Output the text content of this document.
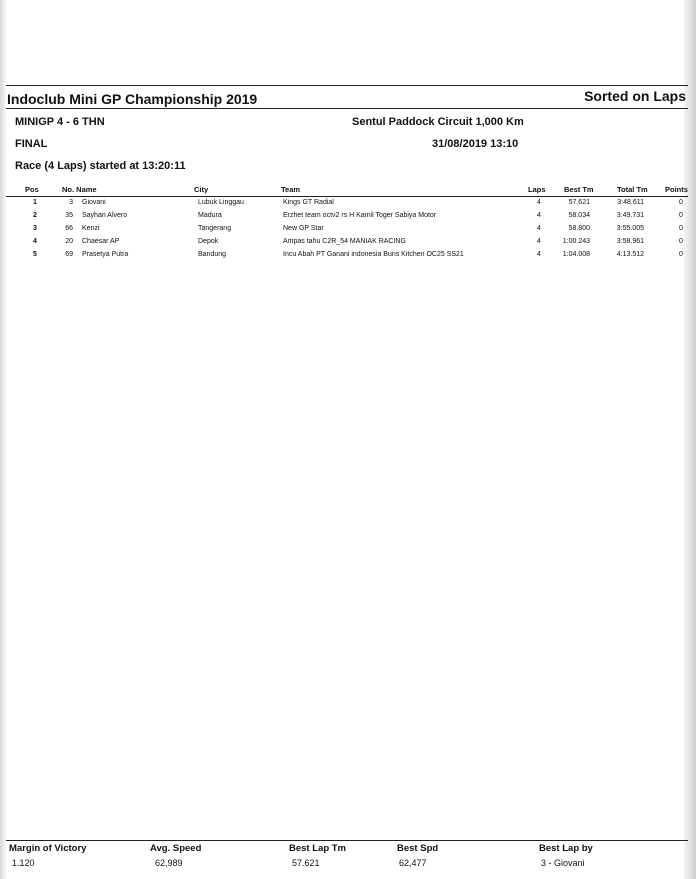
Indoclub Mini GP Championship 2019	Sorted on Laps
MINIGP 4 - 6 THN	Sentul Paddock Circuit 1,000 Km
FINAL	31/08/2019 13:10
Race (4 Laps) started at 13:20:11
Pos	No. Name	City	Team	Laps Best Tm	Total Tm Points
1	3 Giovani	Lubuk Linggau	Kings GT Radial	4	57.621	3:48.611	0
2	35 Sayhan Alvero	Madura	Erzhet team octv2 rs H Kamil Toger Sabiya Motor	4	58.034	3:49.731	0
3	66 Kenzi	Tangerang	New GP Star	4	58.800	3:55.005	0
4	20 Chaesar AP	Depok	Ampas tahu C2R_54 MANIAK RACING	4	1:00.243	3:58.961	0
5	69 Prasetya Putra	Bandung	Incu Abah PT Ganani indonesia Buns Kitchen OC25 SS21	4	1:04.008	4:13.512	0
Margin of Victory
1.120
Avg. Speed
62,989
Best Lap Tm
57.621
Best Spd
62,477
Best Lap by
3 - Giovani
